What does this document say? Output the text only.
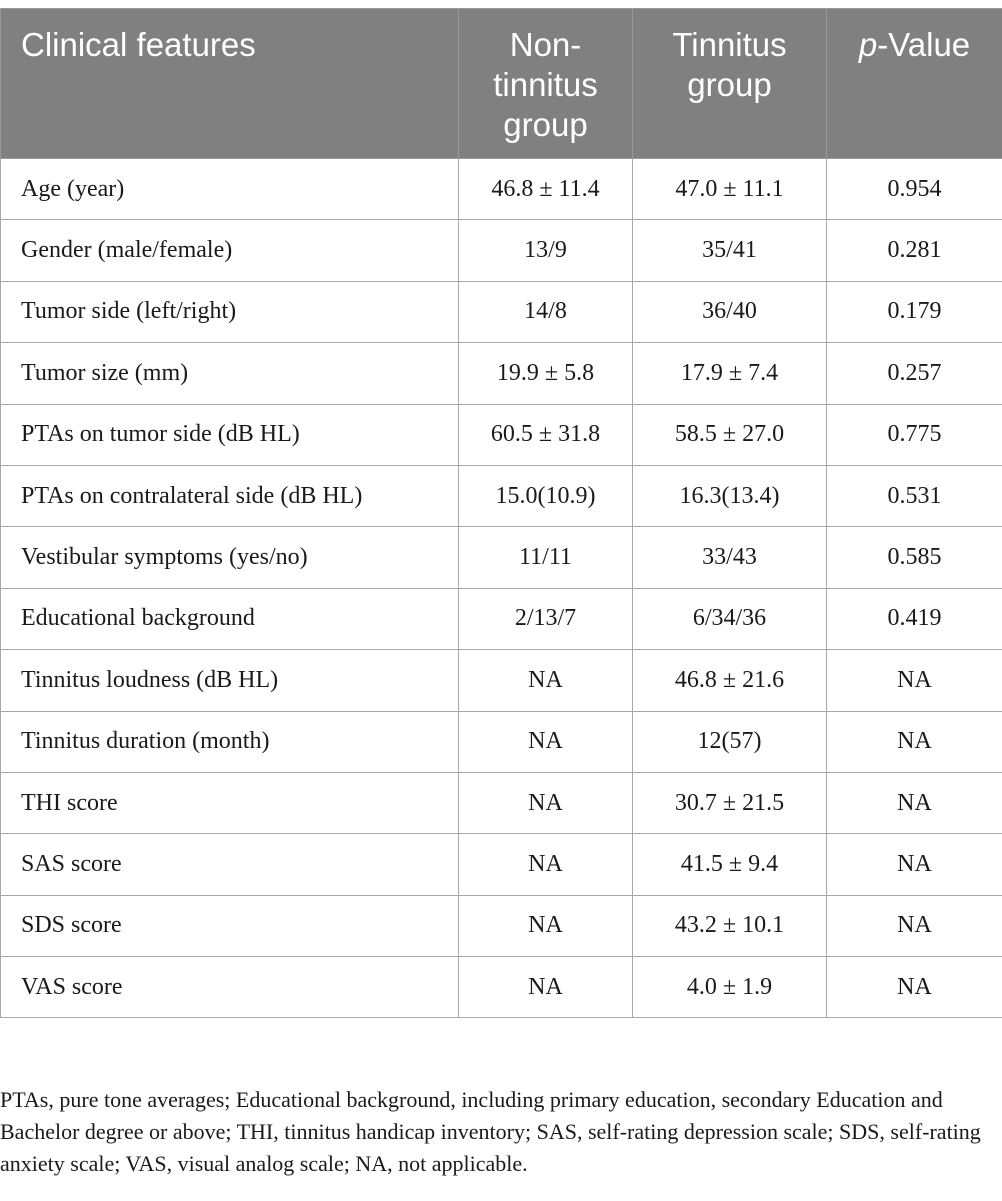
Clinical features	Non-tinnitus group	Tinnitus group	p-Value
Age (year)	46.8 ± 11.4	47.0 ± 11.1	0.954
Gender (male/female)	13/9	35/41	0.281
Tumor side (left/right)	14/8	36/40	0.179
Tumor size (mm)	19.9 ± 5.8	17.9 ± 7.4	0.257
PTAs on tumor side (dB HL)	60.5 ± 31.8	58.5 ± 27.0	0.775
PTAs on contralateral side (dB HL)	15.0(10.9)	16.3(13.4)	0.531
Vestibular symptoms (yes/no)	11/11	33/43	0.585
Educational background	2/13/7	6/34/36	0.419
Tinnitus loudness (dB HL)	NA	46.8 ± 21.6	NA
Tinnitus duration (month)	NA	12(57)	NA
THI score	NA	30.7 ± 21.5	NA
SAS score	NA	41.5 ± 9.4	NA
SDS score	NA	43.2 ± 10.1	NA
VAS score	NA	4.0 ± 1.9	NA

PTAs, pure tone averages; Educational background, including primary education, secondary Education and Bachelor degree or above; THI, tinnitus handicap inventory; SAS, self-rating depression scale; SDS, self-rating anxiety scale; VAS, visual analog scale; NA, not applicable.
